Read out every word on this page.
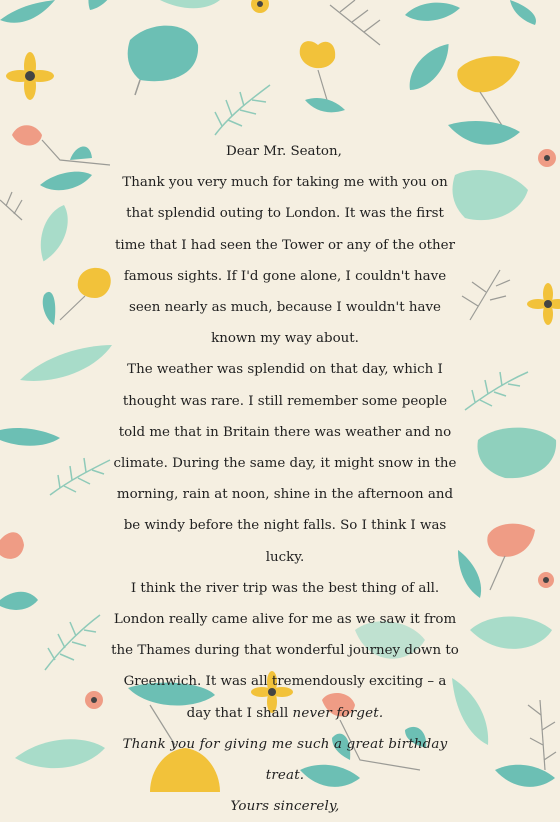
Dear Mr. Seaton,

Thank you very much for taking me with you on that splendid outing to London. It was the first time that I had seen the Tower or any of the other famous sights. If I'd gone alone, I couldn't have seen nearly as much, because I wouldn't have known my way about.

The weather was splendid on that day, which I thought was rare. I still remember some people told me that in Britain there was weather and no climate. During the same day, it might snow in the morning, rain at noon, shine in the afternoon and be windy before the night falls. So I think I was lucky.

I think the river trip was the best thing of all. London really came alive for me as we saw it from the Thames during that wonderful journey down to Greenwich. It was all tremendously exciting – a day that I shall never forget.

Thank you for giving me such a great birthday treat.

Yours sincerely,
